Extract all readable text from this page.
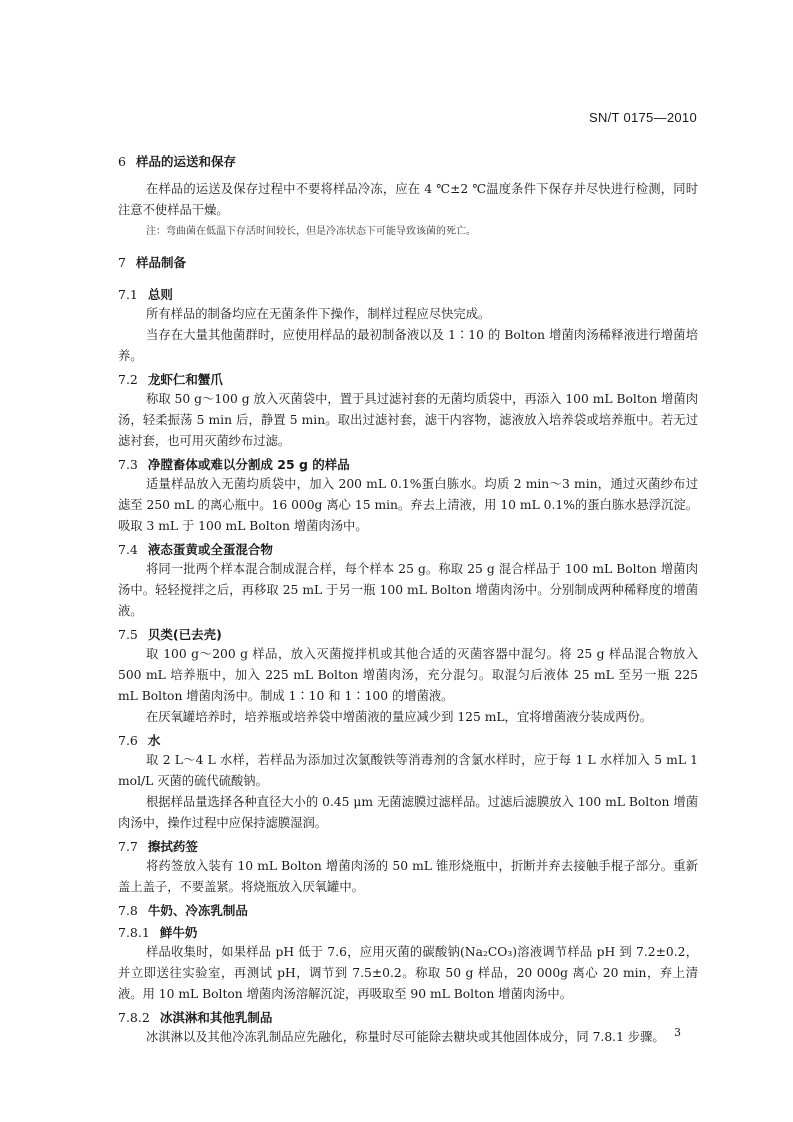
SN/T 0175—2010
6 样品的运送和保存

在样品的运送及保存过程中不要将样品冷冻，应在 4 ℃±2 ℃温度条件下保存并尽快进行检测，同时注意不使样品干燥。

注：弯曲菌在低温下存活时间较长，但是冷冻状态下可能导致该菌的死亡。

7 样品制备
7.1 总则

所有样品的制备均应在无菌条件下操作，制样过程应尽快完成。

当存在大量其他菌群时，应使用样品的最初制备液以及 1∶10 的 Bolton 增菌肉汤稀释液进行增菌培养。

7.2 龙虾仁和蟹爪

称取 50 g～100 g 放入灭菌袋中，置于具过滤衬套的无菌均质袋中，再添入 100 mL Bolton 增菌肉汤，轻柔振荡 5 min 后，静置 5 min。取出过滤衬套，滤干内容物，滤液放入培养袋或培养瓶中。若无过滤衬套，也可用灭菌纱布过滤。

7.3 净膛畜体或难以分割成 25 g 的样品

适量样品放入无菌均质袋中，加入 200 mL 0.1%蛋白胨水。均质 2 min～3 min，通过灭菌纱布过滤至 250 mL 的离心瓶中。16 000g 离心 15 min。弃去上清液，用 10 mL 0.1%的蛋白胨水悬浮沉淀。吸取 3 mL 于 100 mL Bolton 增菌肉汤中。

7.4 液态蛋黄或全蛋混合物

将同一批两个样本混合制成混合样，每个样本 25 g。称取 25 g 混合样品于 100 mL Bolton 增菌肉汤中。轻轻搅拌之后，再移取 25 mL 于另一瓶 100 mL Bolton 增菌肉汤中。分别制成两种稀释度的增菌液。

7.5 贝类(已去壳)

取 100 g～200 g 样品，放入灭菌搅拌机或其他合适的灭菌容器中混匀。将 25 g 样品混合物放入 500 mL 培养瓶中，加入 225 mL Bolton 增菌肉汤，充分混匀。取混匀后液体 25 mL 至另一瓶 225 mL Bolton 增菌肉汤中。制成 1∶10 和 1∶100 的增菌液。

在厌氧罐培养时，培养瓶或培养袋中增菌液的量应减少到 125 mL，宜将增菌液分装成两份。

7.6 水

取 2 L～4 L 水样，若样品为添加过次氯酸铁等消毒剂的含氯水样时，应于每 1 L 水样加入 5 mL 1 mol/L 灭菌的硫代硫酸钠。

根据样品量选择各种直径大小的 0.45 μm 无菌滤膜过滤样品。过滤后滤膜放入 100 mL Bolton 增菌肉汤中，操作过程中应保持滤膜湿润。

7.7 擦拭药签

将药签放入装有 10 mL Bolton 增菌肉汤的 50 mL 锥形烧瓶中，折断并弃去接触手棍子部分。重新盖上盖子，不要盖紧。将烧瓶放入厌氧罐中。

7.8 牛奶、冷冻乳制品
7.8.1 鲜牛奶

样品收集时，如果样品 pH 低于 7.6，应用灭菌的碳酸钠(Na₂CO₃)溶液调节样品 pH 到 7.2±0.2，并立即送往实验室，再测试 pH，调节到 7.5±0.2。称取 50 g 样品，20 000g 离心 20 min，弃上清液。用 10 mL Bolton 增菌肉汤溶解沉淀，再吸取至 90 mL Bolton 增菌肉汤中。

7.8.2 冰淇淋和其他乳制品

冰淇淋以及其他冷冻乳制品应先融化，称量时尽可能除去糖块或其他固体成分，同 7.8.1 步骤。 3
